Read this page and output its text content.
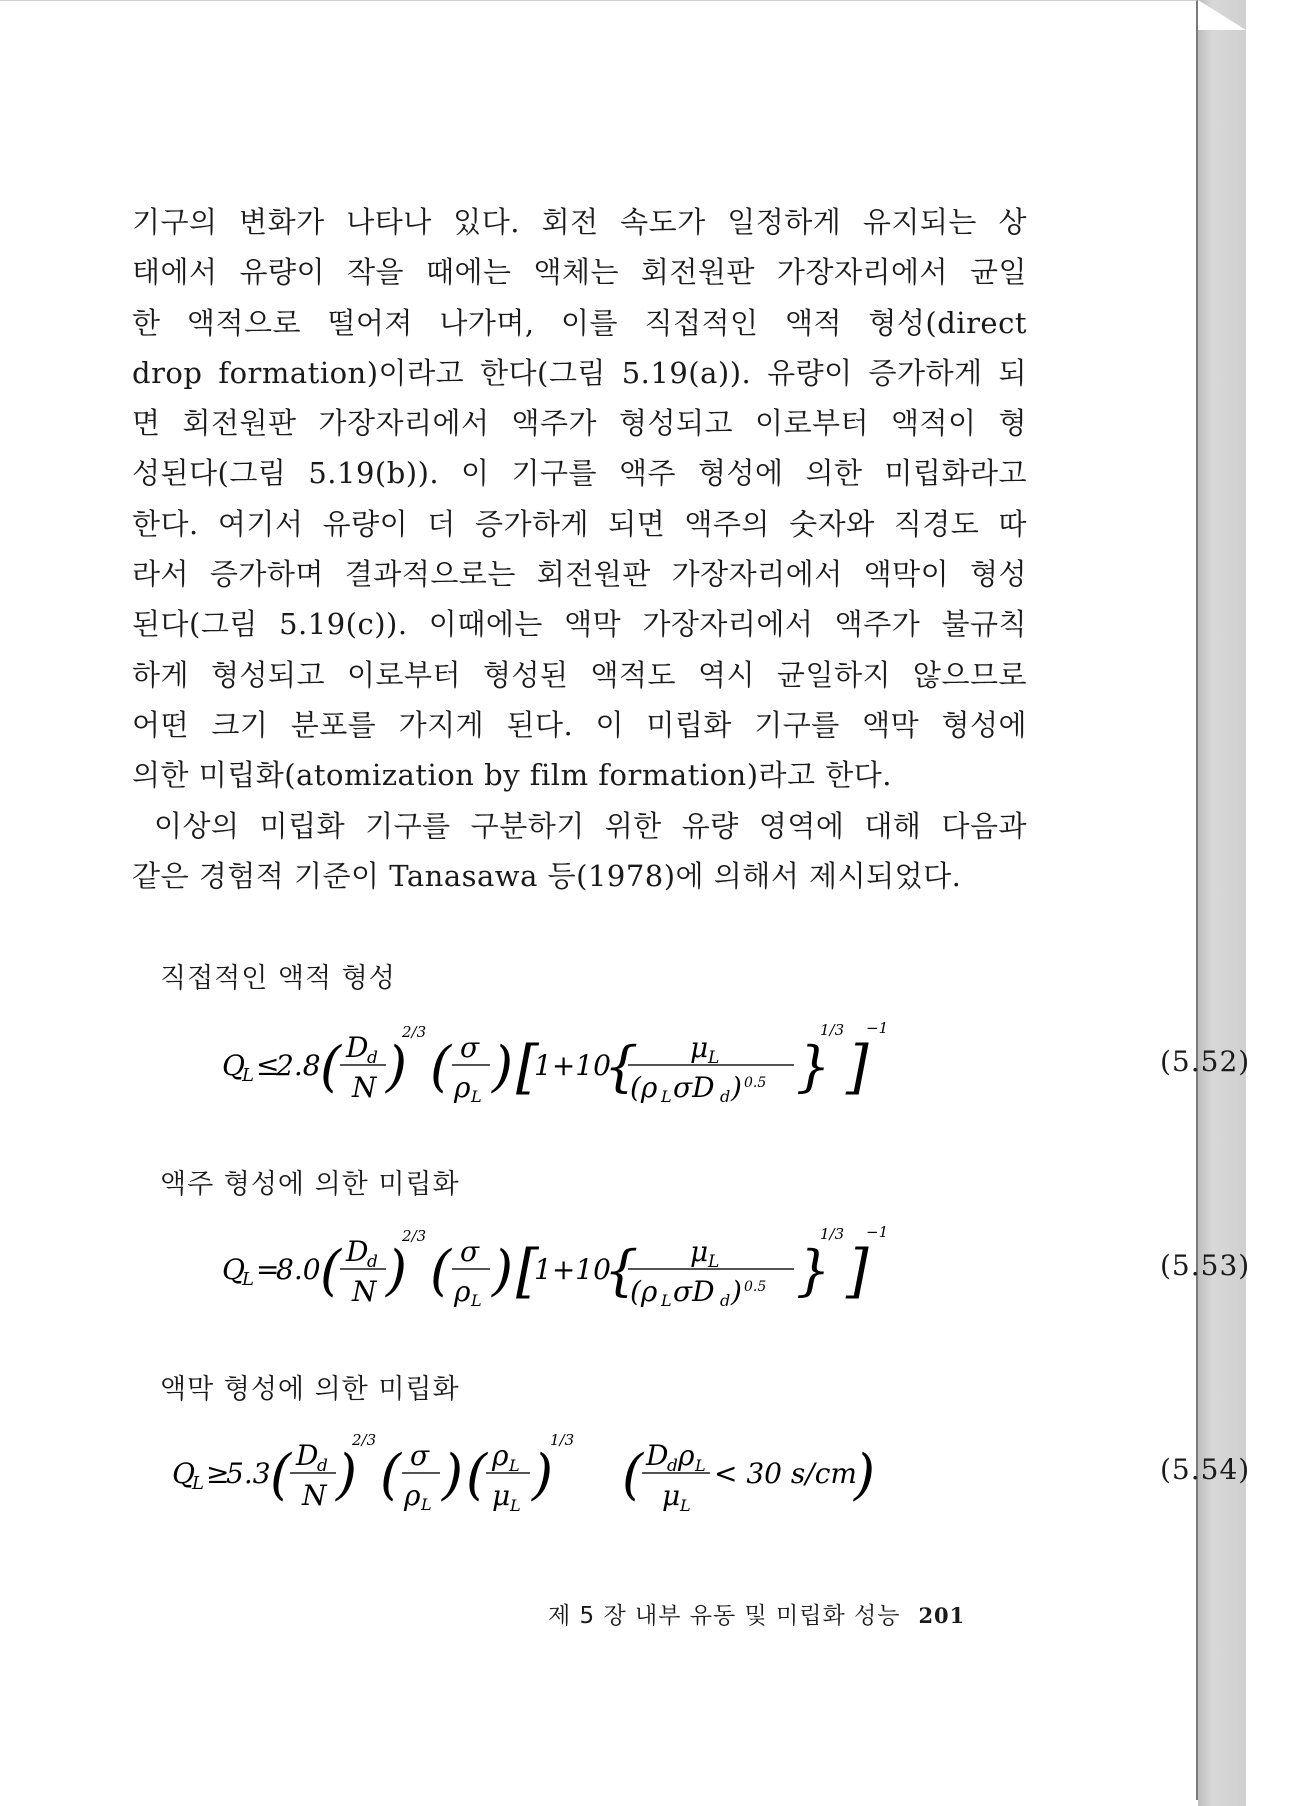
기구의 변화가 나타나 있다. 회전 속도가 일정하게 유지되는 상
태에서 유량이 작을 때에는 액체는 회전원판 가장자리에서 균일
한 액적으로 떨어져 나가며, 이를 직접적인 액적 형성(direct
drop formation)이라고 한다(그림 5.19(a)). 유량이 증가하게 되
면 회전원판 가장자리에서 액주가 형성되고 이로부터 액적이 형
성된다(그림 5.19(b)). 이 기구를 액주 형성에 의한 미립화라고
한다. 여기서 유량이 더 증가하게 되면 액주의 숫자와 직경도 따
라서 증가하며 결과적으로는 회전원판 가장자리에서 액막이 형성
된다(그림 5.19(c)). 이때에는 액막 가장자리에서 액주가 불규칙
하게 형성되고 이로부터 형성된 액적도 역시 균일하지 않으므로
어떤 크기 분포를 가지게 된다. 이 미립화 기구를 액막 형성에
의한 미립화(atomization by film formation)라고 한다.
이상의 미립화 기구를 구분하기 위한 유량 영역에 대해 다음과
같은 경험적 기준이 Tanasawa 등(1978)에 의해서 제시되었다.
직접적인 액적 형성
Q
L ≤
2.8 ( D
d
N )
2/3
( σ
ρ L ) [
1+10
{ μ L
(ρ L σD d ) 0.5 }
1/3
]
−1
(5.52)
액주 형성에 의한 미립화
Q
L =
8.0 ( D
d
N )
2/3
( σ
ρ L ) [
1+10
{ μ L
(ρ L σD d ) 0.5 }
1/3
]
−1
(5.53)
액막 형성에 의한 미립화
Q
L ≥
5.3 ( D
d
N )
2/3
( σ
ρ L ) ( ρ L
μ L )
1/3
( D
d ρ L
μ L
< 30 s/cm
)	(5.54)
제 5 장 내부 유동 및 미립화 성능 201
